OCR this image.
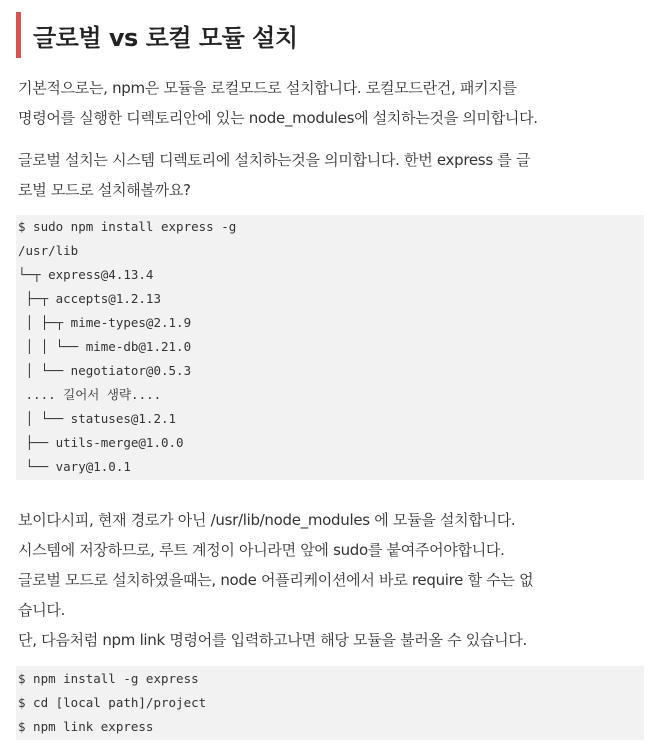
글로벌 vs 로컬 모듈 설치
기본적으로는, npm은 모듈을 로컬모드로 설치합니다. 로컬모드란건, 패키지를
명령어를 실행한 디렉토리안에 있는 node_modules에 설치하는것을 의미합니다.
글로벌 설치는 시스템 디렉토리에 설치하는것을 의미합니다. 한번 express 를 글
로벌 모드로 설치해볼까요?
$ sudo npm install express -g
/usr/lib
└─┬ express@4.13.4
├─┬ accepts@1.2.13
│ ├─┬ mime-types@2.1.9
│ │ └── mime-db@1.21.0
│ └── negotiator@0.5.3
.... 길어서 생략....
│ └── statuses@1.2.1
├── utils-merge@1.0.0
└── vary@1.0.1
보이다시피, 현재 경로가 아닌 /usr/lib/node_modules 에 모듈을 설치합니다.
시스템에 저장하므로, 루트 계정이 아니라면 앞에 sudo를 붙여주어야합니다.
글로벌 모드로 설치하였을때는, node 어플리케이션에서 바로 require 할 수는 없
습니다.
단, 다음처럼 npm link 명령어를 입력하고나면 해당 모듈을 불러올 수 있습니다.
$ npm install -g express
$ cd [local path]/project
$ npm link express
